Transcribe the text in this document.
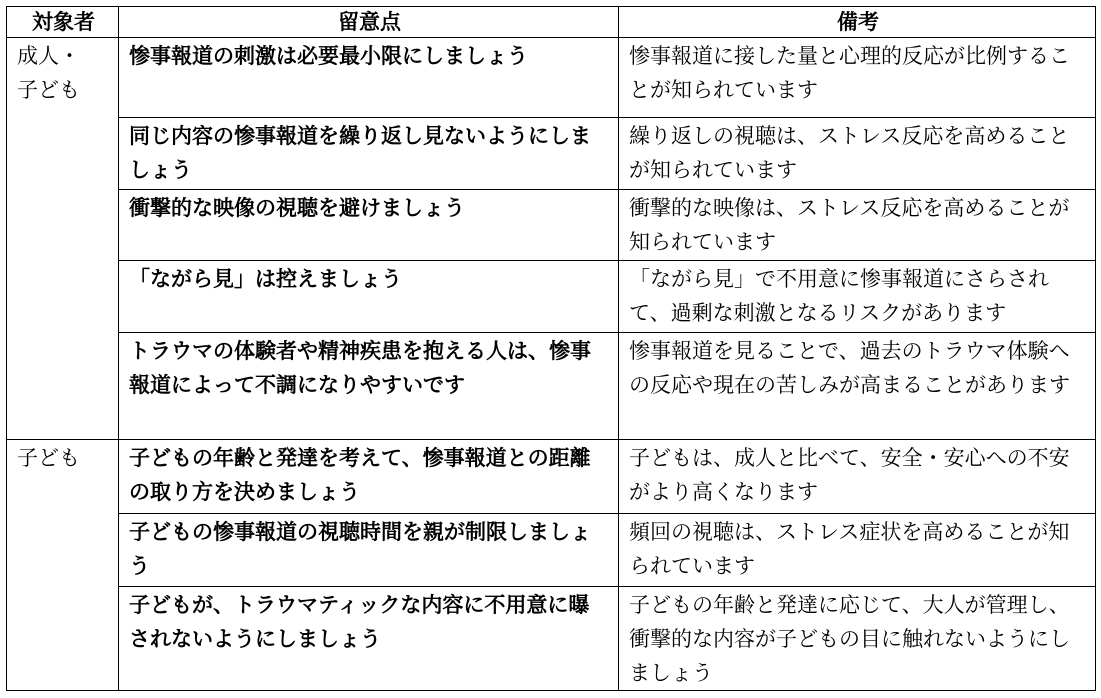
対象者	留意点	備考

成人・子ども	惨事報道の刺激は必要最小限にしましょう	惨事報道に接した量と心理的反応が比例することが知られています
	同じ内容の惨事報道を繰り返し見ないようにしましょう	繰り返しの視聴は、ストレス反応を高めることが知られています
	衝撃的な映像の視聴を避けましょう	衝撃的な映像は、ストレス反応を高めることが知られています
	「ながら見」は控えましょう	「ながら見」で不用意に惨事報道にさらされて、過剰な刺激となるリスクがあります
	トラウマの体験者や精神疾患を抱える人は、惨事報道によって不調になりやすいです	惨事報道を見ることで、過去のトラウマ体験への反応や現在の苦しみが高まることがあります

子ども	子どもの年齢と発達を考えて、惨事報道との距離の取り方を決めましょう	子どもは、成人と比べて、安全・安心への不安がより高くなります
	子どもの惨事報道の視聴時間を親が制限しましょう	頻回の視聴は、ストレス症状を高めることが知られています
	子どもが、トラウマティックな内容に不用意に曝されないようにしましょう	子どもの年齢と発達に応じて、大人が管理し、衝撃的な内容が子どもの目に触れないようにしましょう
